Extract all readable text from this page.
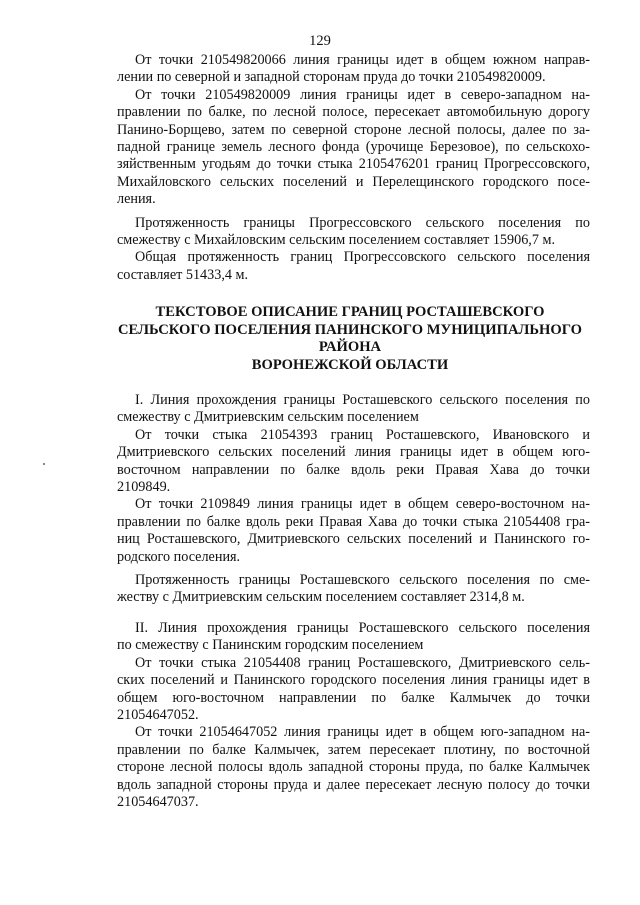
129
От точки 210549820066 линия границы идет в общем южном направ-
лении по северной и западной сторонам пруда до точки 210549820009.
От точки 210549820009 линия границы идет в северо-западном на-
правлении по балке, по лесной полосе, пересекает автомобильную дорогу
Панино-Борщево, затем по северной стороне лесной полосы, далее по за-
падной границе земель лесного фонда (урочище Березовое), по сельскохо-
зяйственным угодьям до точки стыка 2105476201 границ Прогрессовского,
Михайловского сельских поселений и Перелещинского городского посе-
ления.
Протяженность границы Прогрессовского сельского поселения по
смежеству с Михайловским сельским поселением составляет 15906,7 м.
Общая протяженность границ Прогрессовского сельского поселения
составляет 51433,4 м.
ТЕКСТОВОЕ ОПИСАНИЕ ГРАНИЦ РОСТАШЕВСКОГО
СЕЛЬСКОГО ПОСЕЛЕНИЯ ПАНИНСКОГО МУНИЦИПАЛЬНОГО
РАЙОНА
ВОРОНЕЖСКОЙ ОБЛАСТИ
I. Линия прохождения границы Росташевского сельского поселения по
смежеству с Дмитриевским сельским поселением
От точки стыка 21054393 границ Росташевского, Ивановского и
Дмитриевского сельских поселений линия границы идет в общем юго-
восточном направлении по балке вдоль реки Правая Хава до точки
2109849.
От точки 2109849 линия границы идет в общем северо-восточном на-
правлении по балке вдоль реки Правая Хава до точки стыка 21054408 гра-
ниц Росташевского, Дмитриевского сельских поселений и Панинского го-
родского поселения.
Протяженность границы Росташевского сельского поселения по сме-
жеству с Дмитриевским сельским поселением составляет 2314,8 м.
II. Линия прохождения границы Росташевского сельского поселения
по смежеству с Панинским городским поселением
От точки стыка 21054408 границ Росташевского, Дмитриевского сель-
ских поселений и Панинского городского поселения линия границы идет в
общем юго-восточном направлении по балке Калмычек до точки
21054647052.
От точки 21054647052 линия границы идет в общем юго-западном на-
правлении по балке Калмычек, затем пересекает плотину, по восточной
стороне лесной полосы вдоль западной стороны пруда, по балке Калмычек
вдоль западной стороны пруда и далее пересекает лесную полосу до точки
21054647037.
